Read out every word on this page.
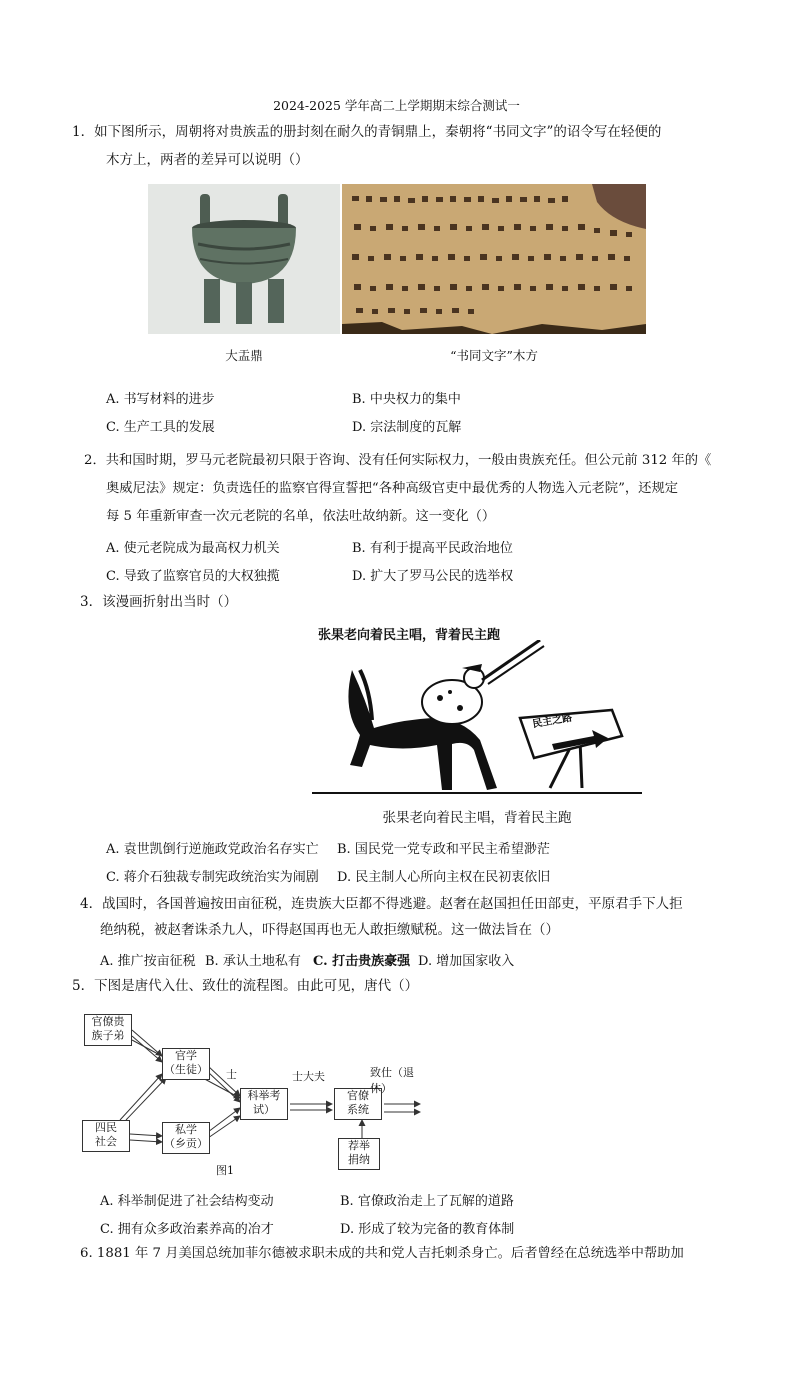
2024-2025 学年高二上学期期末综合测试一
1．如下图所示，周朝将对贵族盂的册封刻在耐久的青铜鼎上，秦朝将“书同文字”的诏令写在轻便的
木方上，两者的差异可以说明（）
大盂鼎	“书同文字”木方
A. 书写材料的进步	B. 中央权力的集中
C. 生产工具的发展	D. 宗法制度的瓦解
2．共和国时期，罗马元老院最初只限于咨询、没有任何实际权力，一般由贵族充任。但公元前 312 年的《
奥威尼法》规定：负责选任的监察官得宣誓把“各种高级官吏中最优秀的人物选入元老院”，还规定
每 5 年重新审查一次元老院的名单，依法吐故纳新。这一变化（）
A. 使元老院成为最高权力机关	B. 有利于提高平民政治地位
C. 导致了监察官员的大权独揽	D. 扩大了罗马公民的选举权
3．该漫画折射出当时（）
张果老向着民主唱，背着民主跑
民主之路
张果老向着民主唱，背着民主跑
A. 袁世凯倒行逆施政党政治名存实亡 B. 国民党一党专政和平民主希望渺茫
C. 蒋介石独裁专制宪政统治实为闹剧 D. 民主制人心所向主权在民初衷依旧
4．战国时，各国普遍按田亩征税，连贵族大臣都不得逃避。赵奢在赵国担任田部吏，平原君手下人拒
绝纳税，被赵奢诛杀九人，吓得赵国再也无人敢拒缴赋税。这一做法旨在（）
A. 推广按亩征税 B. 承认土地私有 C. 打击贵族豪强 D. 增加国家收入
5．下图是唐代入仕、致仕的流程图。由此可见，唐代（）
官僚贵
族子弟
官学
（生徒）
四民
社会
私学
（乡贡）
科举考
试）
官僚
系统
荐举
捐纳
士	士大夫	致仕（退休）
图1
A. 科举制促进了社会结构变动	B. 官僚政治走上了瓦解的道路
C. 拥有众多政治素养高的冶才	D. 形成了较为完备的教育体制
6. 1881 年 7 月美国总统加菲尔德被求职未成的共和党人吉托刺杀身亡。后者曾经在总统选举中帮助加
